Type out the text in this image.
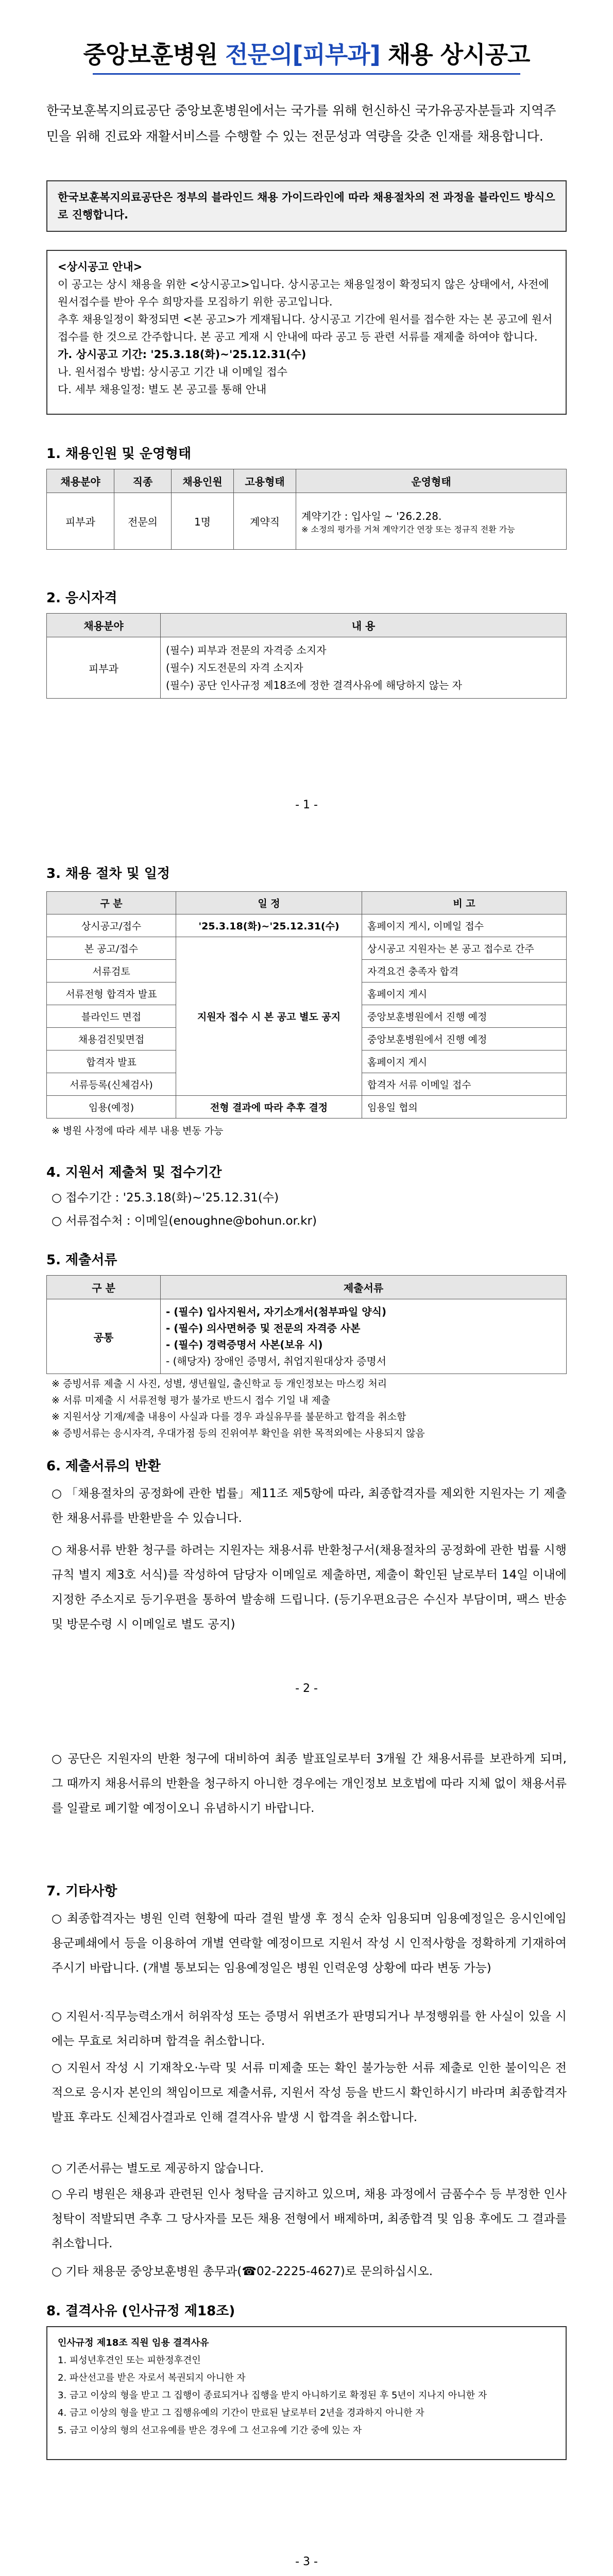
중앙보훈병원 전문의[피부과] 채용 상시공고
한국보훈복지의료공단 중앙보훈병원에서는 국가를 위해 헌신하신 국가유공자분들과 지역주민을 위해 진료와 재활서비스를 수행할 수 있는 전문성과 역량을 갖춘 인재를 채용합니다.
한국보훈복지의료공단은 정부의 블라인드 채용 가이드라인에 따라 채용절차의 전 과정을 블라인드 방식으로 진행합니다.
<상시공고 안내>
이 공고는 상시 채용을 위한 <상시공고>입니다. 상시공고는 채용일정이 확정되지 않은 상태에서, 사전에 원서접수를 받아 우수 희망자를 모집하기 위한 공고입니다.
추후 채용일정이 확정되면 <본 공고>가 게재됩니다. 상시공고 기간에 원서를 접수한 자는 본 공고에 원서접수를 한 것으로 간주합니다. 본 공고 게재 시 안내에 따라 공고 등 관련 서류를 재제출 하여야 합니다.
가. 상시공고 기간: '25.3.18(화)~'25.12.31(수)
나. 원서접수 방법: 상시공고 기간 내 이메일 접수
다. 세부 채용일정: 별도 본 공고를 통해 안내
1. 채용인원 및 운영형태
채용분야	직종	채용인원	고용형태	운영형태
피부과	전문의	1명	계약직	계약기간 : 입사일 ~ '26.2.28.
※ 소정의 평가를 거쳐 계약기간 연장 또는 정규직 전환 가능
2. 응시자격
채용분야	내 용
피부과	(필수) 피부과 전문의 자격증 소지자
(필수) 지도전문의 자격 소지자
(필수) 공단 인사규정 제18조에 정한 결격사유에 해당하지 않는 자
- 1 -
3. 채용 절차 및 일정
구 분	일 정	비 고
상시공고/접수	'25.3.18(화)~'25.12.31(수)	홈페이지 게시, 이메일 접수
본 공고/접수	지원자 접수 시 본 공고 별도 공지	상시공고 지원자는 본 공고 접수로 간주
서류검토		자격요건 충족자 합격
서류전형 합격자 발표		홈페이지 게시
블라인드 면접		중앙보훈병원에서 진행 예정
채용검진및면접		중앙보훈병원에서 진행 예정
합격자 발표		홈페이지 게시
서류등록(신체검사)		합격자 서류 이메일 접수
임용(예정)	전형 결과에 따라 추후 결정	임용일 협의
※ 병원 사정에 따라 세부 내용 변동 가능
4. 지원서 제출처 및 접수기간
○ 접수기간 : '25.3.18(화)~'25.12.31(수)
○ 서류접수처 : 이메일(enoughne@bohun.or.kr)
5. 제출서류
구 분	제출서류
공통	- (필수) 입사지원서, 자기소개서(첨부파일 양식)
- (필수) 의사면허증 및 전문의 자격증 사본
- (필수) 경력증명서 사본(보유 시)
- (해당자) 장애인 증명서, 취업지원대상자 증명서
※ 증빙서류 제출 시 사진, 성별, 생년월일, 출신학교 등 개인정보는 마스킹 처리
※ 서류 미제출 시 서류전형 평가 불가로 반드시 접수 기일 내 제출
※ 지원서상 기재/제출 내용이 사실과 다를 경우 과실유무를 불문하고 합격을 취소함
※ 증빙서류는 응시자격, 우대가점 등의 진위여부 확인을 위한 목적외에는 사용되지 않음
6. 제출서류의 반환
○ 「채용절차의 공정화에 관한 법률」제11조 제5항에 따라, 최종합격자를 제외한 지원자는 기 제출한 채용서류를 반환받을 수 있습니다.
○ 채용서류 반환 청구를 하려는 지원자는 채용서류 반환청구서(채용절차의 공정화에 관한 법률 시행규칙 별지 제3호 서식)를 작성하여 담당자 이메일로 제출하면, 제출이 확인된 날로부터 14일 이내에 지정한 주소지로 등기우편을 통하여 발송해 드립니다. (등기우편요금은 수신자 부담이며, 팩스 반송 및 방문수령 시 이메일로 별도 공지)
- 2 -
○ 공단은 지원자의 반환 청구에 대비하여 최종 발표일로부터 3개월 간 채용서류를 보관하게 되며, 그 때까지 채용서류의 반환을 청구하지 아니한 경우에는 개인정보 보호법에 따라 지체 없이 채용서류를 일괄로 폐기할 예정이오니 유념하시기 바랍니다.
7. 기타사항
○ 최종합격자는 병원 인력 현황에 따라 결원 발생 후 정식 순차 임용되며 임용예정일은 응시인에임용군폐쇄에서 등을 이용하여 개별 연락할 예정이므로 지원서 작성 시 인적사항을 정확하게 기재하여 주시기 바랍니다. (개별 통보되는 임용예정일은 병원 인력운영 상황에 따라 변동 가능)
○ 지원서·직무능력소개서 허위작성 또는 증명서 위변조가 판명되거나 부정행위를 한 사실이 있을 시에는 무효로 처리하며 합격을 취소합니다.
○ 지원서 작성 시 기재착오·누락 및 서류 미제출 또는 확인 불가능한 서류 제출로 인한 불이익은 전적으로 응시자 본인의 책임이므로 제출서류, 지원서 작성 등을 반드시 확인하시기 바라며 최종합격자 발표 후라도 신체검사결과로 인해 결격사유 발생 시 합격을 취소합니다.
○ 기존서류는 별도로 제공하지 않습니다.
○ 우리 병원은 채용과 관련된 인사 청탁을 금지하고 있으며, 채용 과정에서 금품수수 등 부정한 인사 청탁이 적발되면 추후 그 당사자를 모든 채용 전형에서 배제하며, 최종합격 및 임용 후에도 그 결과를 취소합니다.
○ 기타 채용문 중앙보훈병원 총무과(☎02-2225-4627)로 문의하십시오.
8. 결격사유 (인사규정 제18조)
인사규정 제18조 직원 임용 결격사유
1. 피성년후견인 또는 피한정후견인
2. 파산선고를 받은 자로서 복권되지 아니한 자
3. 금고 이상의 형을 받고 그 집행이 종료되거나 집행을 받지 아니하기로 확정된 후 5년이 지나지 아니한 자
4. 금고 이상의 형을 받고 그 집행유예의 기간이 만료된 날로부터 2년을 경과하지 아니한 자
5. 금고 이상의 형의 선고유예를 받은 경우에 그 선고유예 기간 중에 있는 자
- 3 -
